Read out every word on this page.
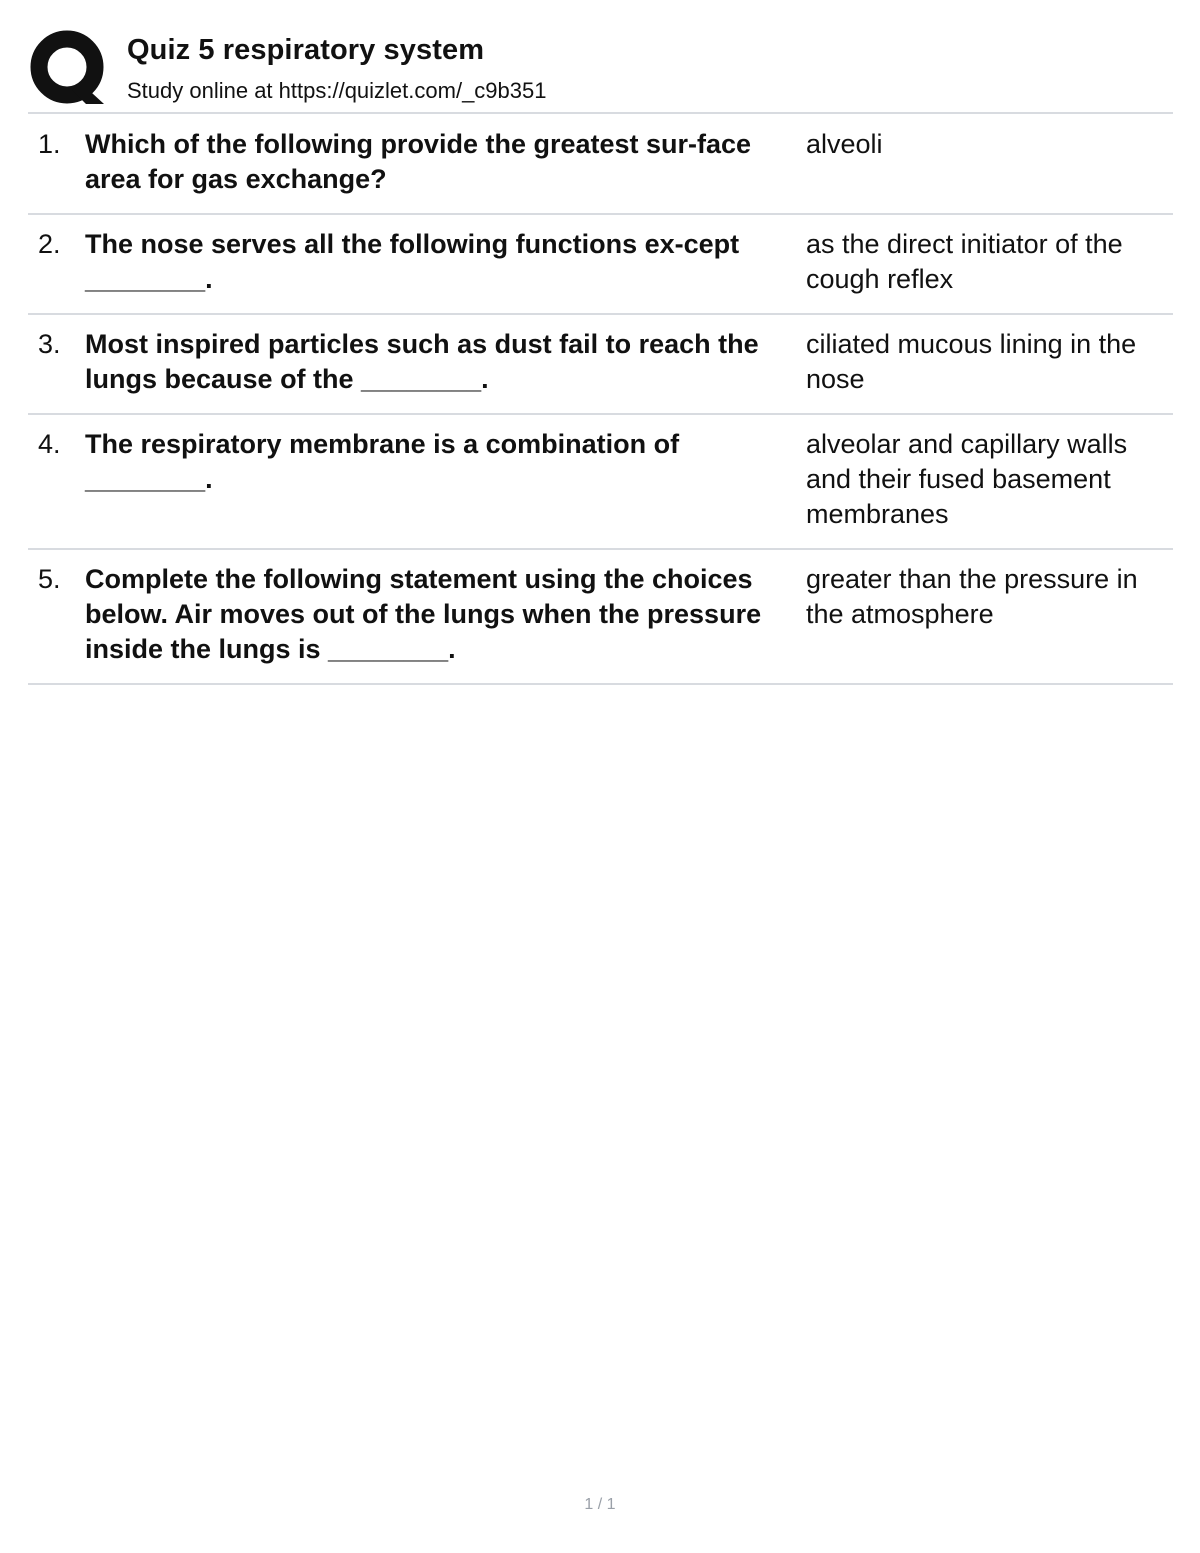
Quiz 5 respiratory system
Study online at https://quizlet.com/_c9b351
1. Which of the following provide the greatest sur-face area for gas exchange?
alveoli
2. The nose serves all the following functions ex-cept ________.
as the direct initiator of the cough reflex
3. Most inspired particles such as dust fail to reach the lungs because of the ________.
ciliated mucous lining in the nose
4. The respiratory membrane is a combination of ________.
alveolar and capillary walls and their fused basement membranes
5. Complete the following statement using the choices below. Air moves out of the lungs when the pressure inside the lungs is ________.
greater than the pressure in the atmosphere
1 / 1
